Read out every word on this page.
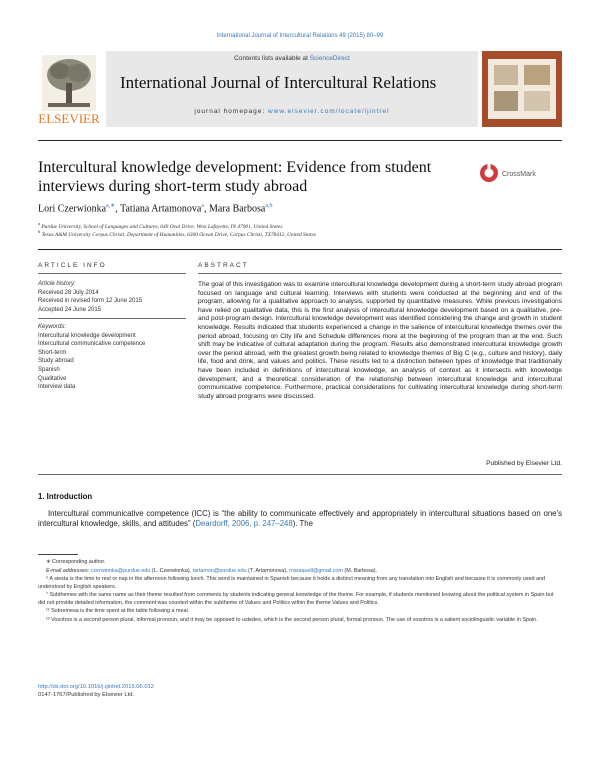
International Journal of Intercultural Relations 49 (2015) 80–99
ELSEVIER
Contents lists available at ScienceDirect
International Journal of Intercultural Relations
journal homepage: www.elsevier.com/locate/ijintrel
Intercultural knowledge development: Evidence from student interviews during short-term study abroad
CrossMark
Lori Czerwionka$^{a,∗}$, Tatiana Artamonova$^a$, Mara Barbosa$^{a,b}$
$^a$ Purdue University, School of Languages and Cultures, 640 Oval Drive, West Lafayette, IN 47901, United States
$^b$ Texas A&M University Corpus Christi, Department of Humanities, 6300 Ocean Drive, Corpus Christi, TX78412, United States
ARTICLE INFO	ABSTRACT
Article history:
Received 28 July 2014
Received in revised form 12 June 2015
Accepted 24 June 2015
Keywords:
Intercultural knowledge development
Intercultural communicative competence
Short-term
Study abroad
Spanish
Qualitative
Interview data
The goal of this investigation was to examine intercultural knowledge development during a short-term study abroad program focused on language and cultural learning. Interviews with students were conducted at the beginning and end of the program, allowing for a qualitative approach to analysis, supported by quantitative measures. While previous investigations have relied on qualitative data, this is the first analysis of intercultural knowledge development based on a qualitative, pre- and post-program design. Intercultural knowledge development was identified considering the change and growth in student knowledge. Results indicated that students experienced a change in the salience of intercultural knowledge themes over the period abroad, focusing on City life and Schedule differences more at the beginning of the program than at the end. Such shift may be indicative of cultural adaptation during the program. Results also demonstrated intercultural knowledge growth over the period abroad, with the greatest growth being related to knowledge themes of Big C (e.g., culture and history), daily life, food and drink, and values and politics. These results led to a distinction between types of knowledge that traditionally have been included in definitions of intercultural knowledge, an analysis of context as it intersects with knowledge development, and a theoretical consideration of the relationship between intercultural knowledge and intercultural communicative competence. Furthermore, practical considerations for cultivating intercultural knowledge during short-term study abroad programs were discussed.
Published by Elsevier Ltd.
1. Introduction
Intercultural communicative competence (ICC) is “the ability to communicate effectively and appropriately in intercultural situations based on one’s intercultural knowledge, skills, and attitudes” (Deardorff, 2006, p. 247–248). The

∗ Corresponding author.

E-mail addresses: czerwionka@purdue.edu (L. Czerwionka), tartamon@purdue.edu (T. Artamonova), maraquell@gmail.com (M. Barbosa).

⁵ A siesta is the time to rest or nap in the afternoon following lunch. This word is maintained in Spanish because it holds a distinct meaning from any translation into English and because it is commonly used and understood by English speakers.

⁷ Subthemes with the same name as their theme resulted from comments by students indicating general knowledge of the theme. For example, if students mentioned knowing about the political system in Spain but did not provide detailed information, the comment was counted within the subtheme of Values and Politics within the theme Values and Politics.

¹² Sobremesa is the time spent at the table following a meal.

¹³ Vosotros is a second person plural, informal pronoun, and it may be opposed to ustedes, which is the second person plural, formal pronoun. The use of vosotros is a salient sociolinguistic variable in Spain.

http://dx.doi.org/10.1016/j.ijintrel.2015.06.012
0147-1767/Published by Elsevier Ltd.
